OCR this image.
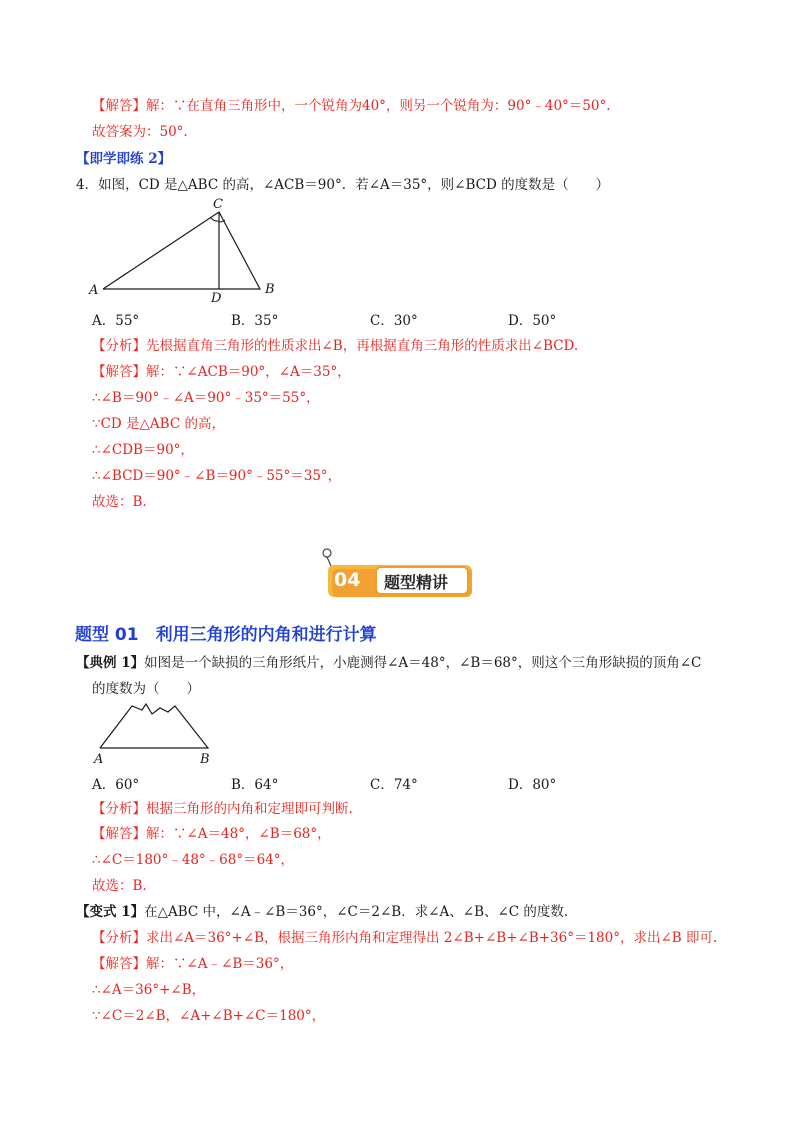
【解答】解：∵在直角三角形中，一个锐角为40°，则另一个锐角为：90°﹣40°＝50°.
故答案为：50°.
【即学即练 2】
4．如图，CD 是△ABC 的高，∠ACB＝90°．若∠A＝35°，则∠BCD 的度数是（　　）
C
A
D
B
A．55°	B．35°	C．30°	D．50°
【分析】先根据直角三角形的性质求出∠B，再根据直角三角形的性质求出∠BCD.
【解答】解：∵∠ACB＝90°，∠A＝35°，
∴∠B＝90°﹣∠A＝90°﹣35°＝55°，
∵CD 是△ABC 的高，
∴∠CDB＝90°，
∴∠BCD＝90°﹣∠B＝90°﹣55°＝35°，
故选：B.
04 题型精讲
题型 01　利用三角形的内角和进行计算
【典例 1】如图是一个缺损的三角形纸片，小鹿测得∠A＝48°，∠B＝68°，则这个三角形缺损的顶角∠C
的度数为（　　）
A	B
A．60°	B．64°	C．74°	D．80°
【分析】根据三角形的内角和定理即可判断.
【解答】解：∵∠A＝48°，∠B＝68°，
∴∠C＝180°﹣48°﹣68°＝64°，
故选：B.
【变式 1】在△ABC 中，∠A﹣∠B＝36°，∠C＝2∠B．求∠A、∠B、∠C 的度数.
【分析】求出∠A＝36°+∠B，根据三角形内角和定理得出 2∠B+∠B+∠B+36°＝180°，求出∠B 即可.
【解答】解：∵∠A﹣∠B＝36°，
∴∠A＝36°+∠B，
∵∠C＝2∠B，∠A+∠B+∠C＝180°，
